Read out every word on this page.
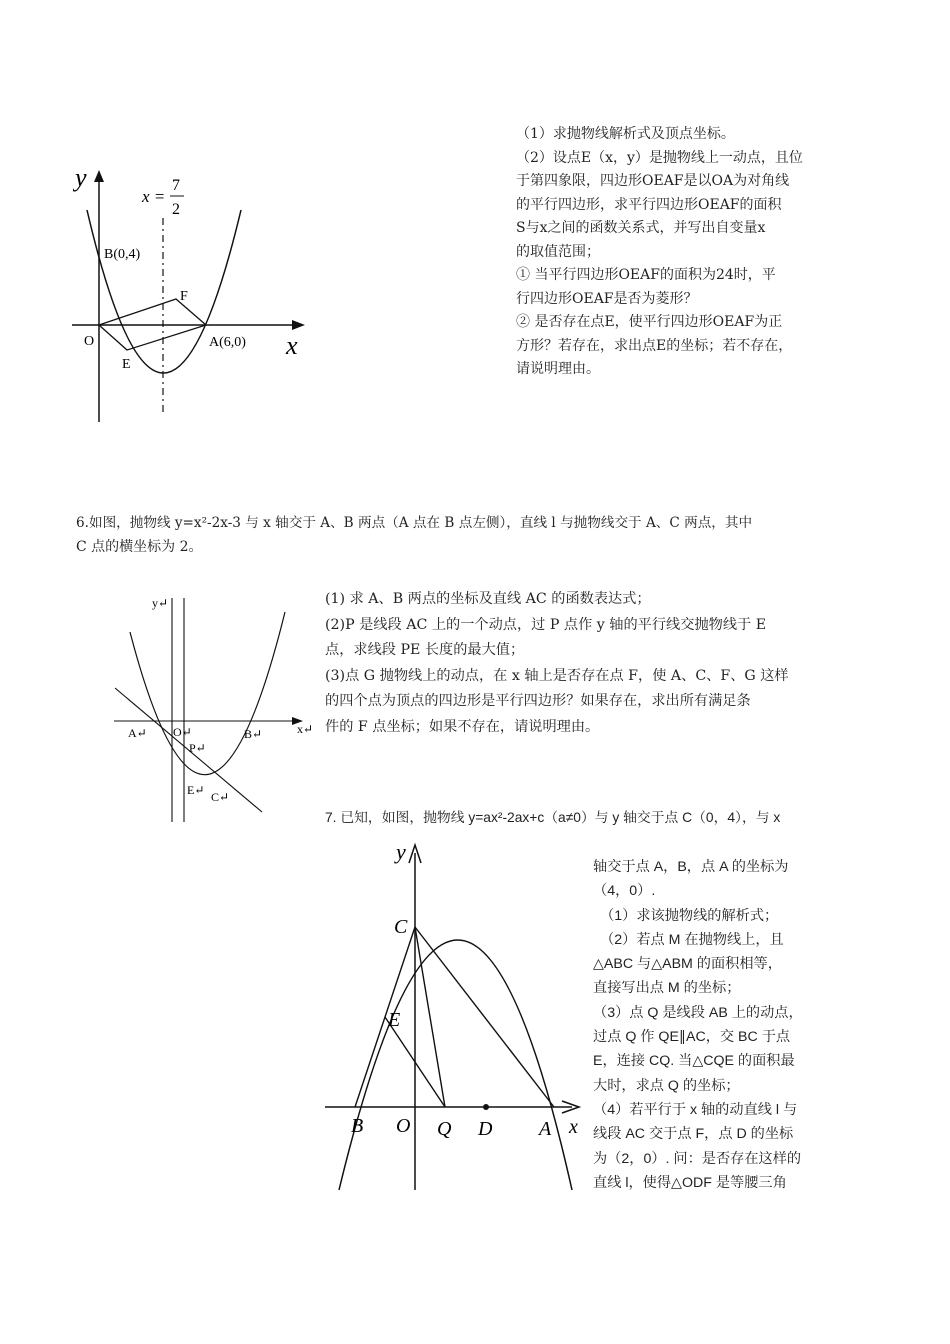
y
x
x =
7
2
B(0,4)
F
O
E
A(6,0)

（1）求抛物线解析式及顶点坐标。

（2）设点E（x，y）是抛物线上一动点，且位

于第四象限，四边形OEAF是以OA为对角线

的平行四边形，求平行四边形OEAF的面积

S与x之间的函数关系式，并写出自变量x

的取值范围；

① 当平行四边形OEAF的面积为24时，平

行四边形OEAF是否为菱形？

② 是否存在点E，使平行四边形OEAF为正

方形？若存在，求出点E的坐标；若不存在，

请说明理由。

6.如图，抛物线 y=x²-2x-3 与 x 轴交于 A、B 两点（A 点在 B 点左侧），直线 l 与抛物线交于 A、C 两点，其中

C 点的横坐标为 2。

y↵
A↵ O↵	B↵	x↵
P↵
E↵ C↵

(1) 求 A、B 两点的坐标及直线 AC 的函数表达式；

(2)P 是线段 AC 上的一个动点，过 P 点作 y 轴的平行线交抛物线于 E

点，求线段 PE 长度的最大值；

(3)点 G 抛物线上的动点，在 x 轴上是否存在点 F，使 A、C、F、G 这样

的四个点为顶点的四边形是平行四边形？如果存在，求出所有满足条

件的 F 点坐标；如果不存在，请说明理由。

7. 已知，如图，抛物线 y=ax²-2ax+c（a≠0）与 y 轴交于点 C（0，4），与 x

y
C
E
B O Q D A x

轴交于点 A，B，点 A 的坐标为

（4，0）.

　（1）求该抛物线的解析式；

　（2）若点 M 在抛物线上，且

△ABC 与△ABM 的面积相等，

直接写出点 M 的坐标；

（3）点 Q 是线段 AB 上的动点，

过点 Q 作 QE∥AC，交 BC 于点

E，连接 CQ. 当△CQE 的面积最

大时，求点 Q 的坐标；

（4）若平行于 x 轴的动直线 l 与

线段 AC 交于点 F，点 D 的坐标

为（2，0）. 问：是否存在这样的

直线 l，使得△ODF 是等腰三角
